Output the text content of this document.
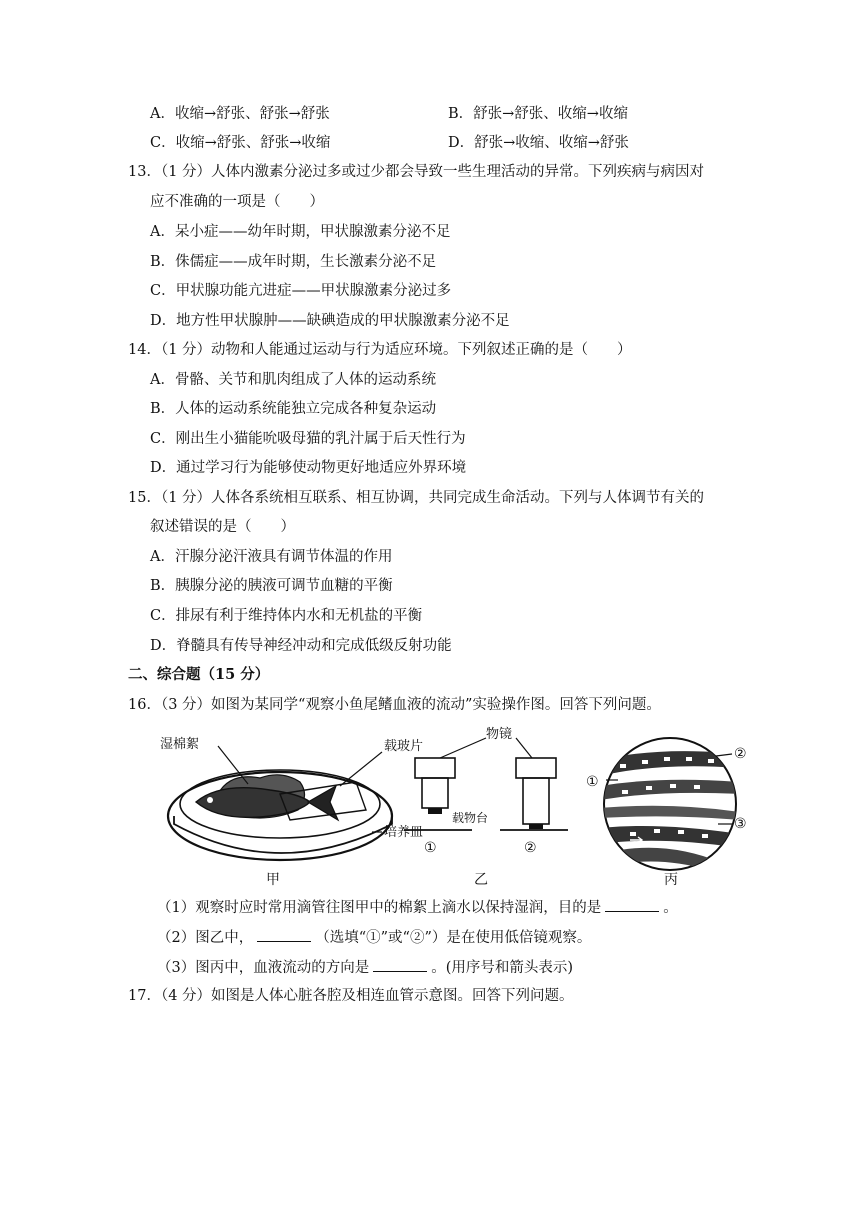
A．收缩→舒张、舒张→舒张	B．舒张→舒张、收缩→收缩
C．收缩→舒张、舒张→收缩	D．舒张→收缩、收缩→舒张
13．（1 分）人体内激素分泌过多或过少都会导致一些生理活动的异常。下列疾病与病因对
应不准确的一项是（　　）
A．呆小症——幼年时期，甲状腺激素分泌不足
B．侏儒症——成年时期，生长激素分泌不足
C．甲状腺功能亢进症——甲状腺激素分泌过多
D．地方性甲状腺肿——缺碘造成的甲状腺激素分泌不足
14．（1 分）动物和人能通过运动与行为适应环境。下列叙述正确的是（　　）
A．骨骼、关节和肌肉组成了人体的运动系统
B．人体的运动系统能独立完成各种复杂运动
C．刚出生小猫能吮吸母猫的乳汁属于后天性行为
D．通过学习行为能够使动物更好地适应外界环境
15．（1 分）人体各系统相互联系、相互协调，共同完成生命活动。下列与人体调节有关的
叙述错误的是（　　）
A．汗腺分泌汗液具有调节体温的作用
B．胰腺分泌的胰液可调节血糖的平衡
C．排尿有利于维持体内水和无机盐的平衡
D．脊髓具有传导神经冲动和完成低级反射功能
二、综合题（15 分）
16．（3 分）如图为某同学“观察小鱼尾鳍血液的流动”实验操作图。回答下列问题。
湿棉絮	载玻片
培养皿
甲
物镜
载物台
①	②
乙
①
②
③
丙
（1）观察时应时常用滴管往图甲中的棉絮上滴水以保持湿润，目的是	。
（2）图乙中，	（选填“①”或“②”）是在使用低倍镜观察。
（3）图丙中，血液流动的方向是	。(用序号和箭头表示)
17．（4 分）如图是人体心脏各腔及相连血管示意图。回答下列问题。
